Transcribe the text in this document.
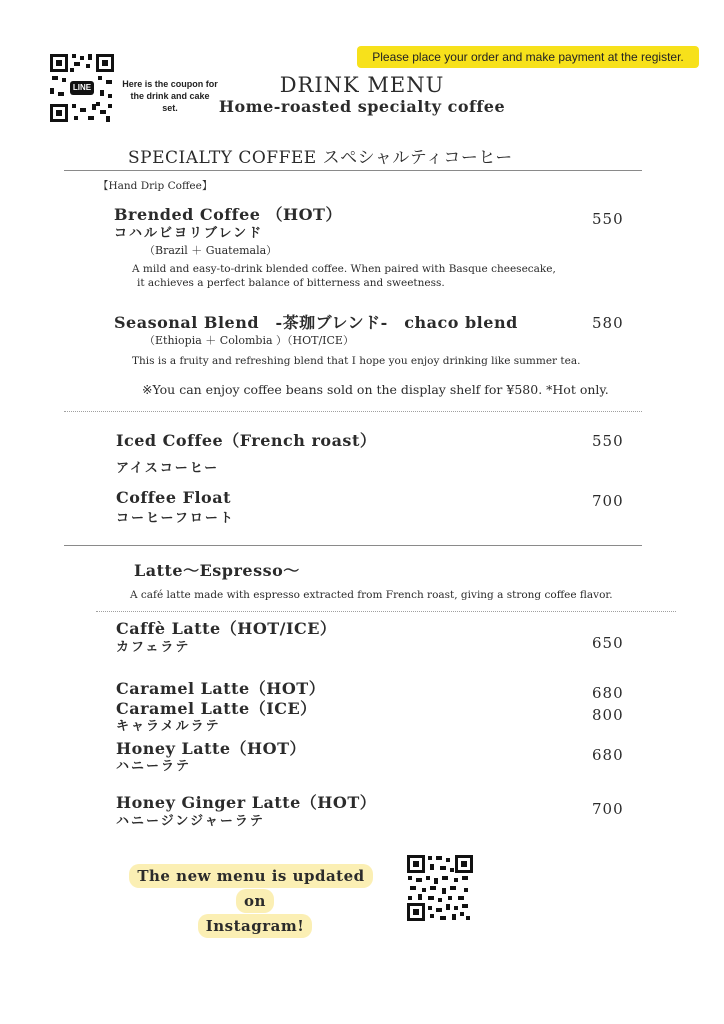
LINE
Please place your order and make payment at the register.
Here is the coupon for the drink and cake set.
DRINK MENU
Home-roasted specialty coffee
SPECIALTY COFFEE スペシャルティコーヒー
【Hand Drip Coffee】
Brended Coffee （HOT）
コハルビヨリブレンド
（Brazil ＋ Guatemala）
A mild and easy-to-drink blended coffee. When paired with Basque cheesecake,
it achieves a perfect balance of bitterness and sweetness.
550
Seasonal Blend　-茶珈ブレンド-　chaco blend
（Ethiopia ＋ Colombia ）（HOT/ICE）
This is a fruity and refreshing blend that I hope you enjoy drinking like summer tea.
580
※You can enjoy coffee beans sold on the display shelf for ¥580. *Hot only.
Iced Coffee（French roast）
アイスコーヒー
550
Coffee Float
コーヒーフロート
700
Latte～Espresso～
A café latte made with espresso extracted from French roast, giving a strong coffee flavor.
Caffè Latte（HOT/ICE）
カフェラテ	650
Caramel Latte（HOT）
Caramel Latte（ICE）
キャラメルラテ
680
800
Honey Latte（HOT）
ハニーラテ
680
Honey Ginger Latte（HOT）
ハニージンジャーラテ
700
The new menu is updated on
Instagram!
